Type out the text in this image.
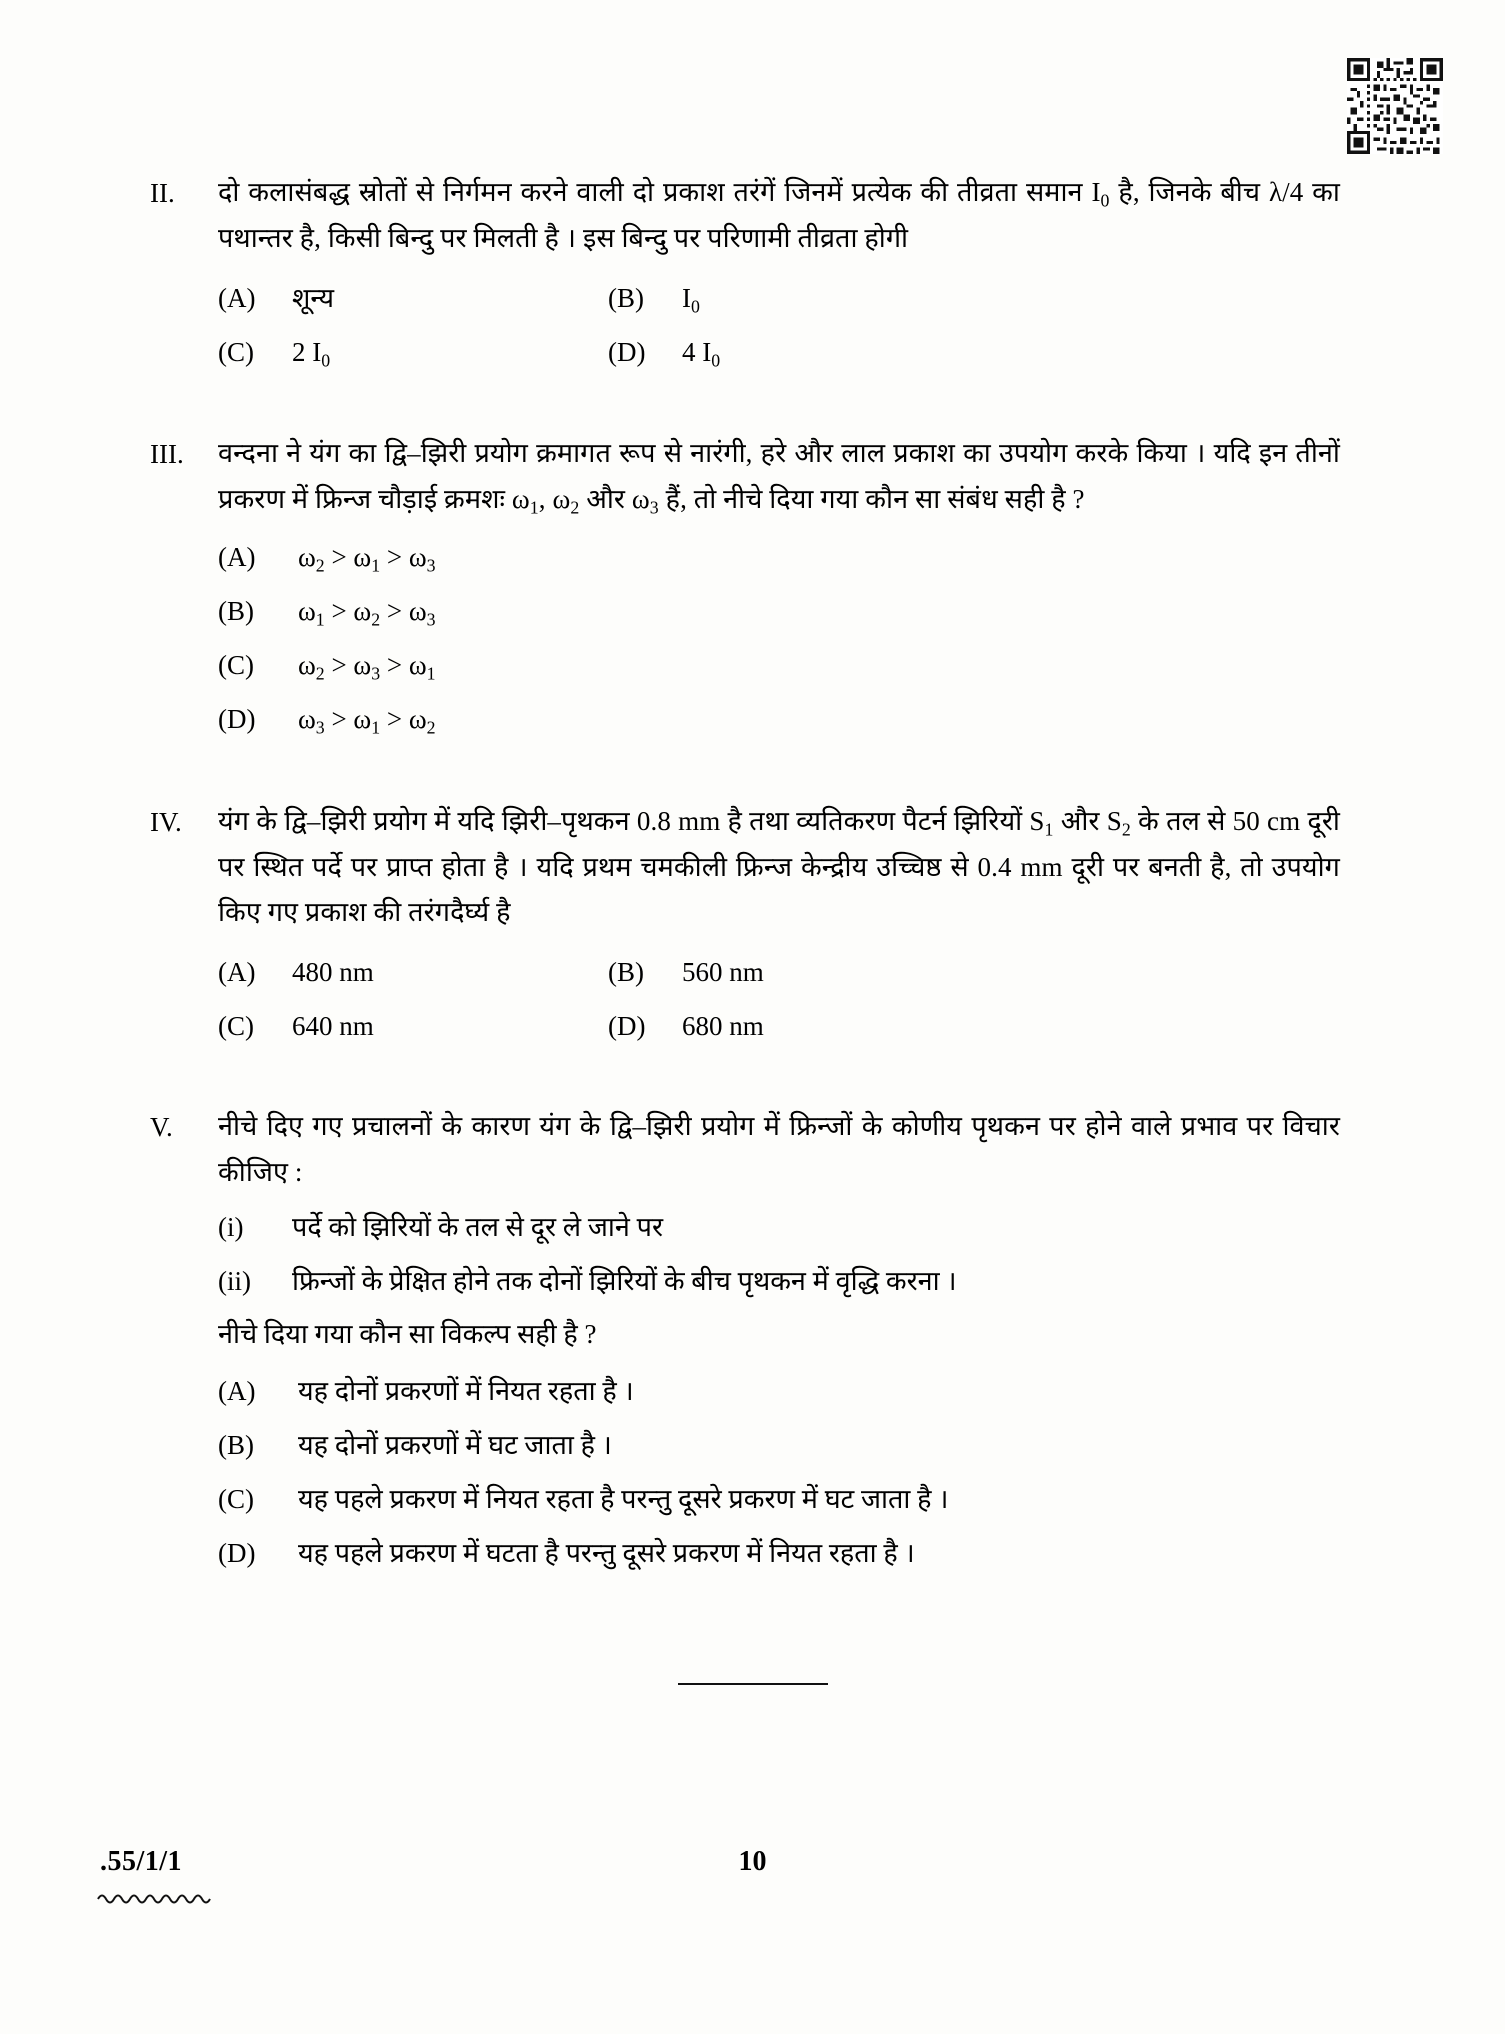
II.	दो कलासंबद्ध स्रोतों से निर्गमन करने वाली दो प्रकाश तरंगें जिनमें प्रत्येक की तीव्रता समान $I_0$ है, जिनके बीच λ/4 का पथान्तर है, किसी बिन्दु पर मिलती है । इस बिन्दु पर परिणामी तीव्रता होगी
(A)	शून्य	(B)	$I_0$
(C)	2 $I_0$	(D)	4 $I_0$
III.	वन्दना ने यंग का द्वि–झिरी प्रयोग क्रमागत रूप से नारंगी, हरे और लाल प्रकाश का उपयोग करके किया । यदि इन तीनों प्रकरण में फ्रिन्ज चौड़ाई क्रमशः $\omega_1$, $\omega_2$ और $\omega_3$ हैं, तो नीचे दिया गया कौन सा संबंध सही है ?
(A)	$\omega_2 > \omega_1 > \omega_3$
(B)	$\omega_1 > \omega_2 > \omega_3$
(C)	$\omega_2 > \omega_3 > \omega_1$
(D)	$\omega_3 > \omega_1 > \omega_2$
IV.	यंग के द्वि–झिरी प्रयोग में यदि झिरी–पृथकन 0.8 mm है तथा व्यतिकरण पैटर्न झिरियों $S_1$ और $S_2$ के तल से 50 cm दूरी पर स्थित पर्दे पर प्राप्त होता है । यदि प्रथम चमकीली फ्रिन्ज केन्द्रीय उच्चिष्ठ से 0.4 mm दूरी पर बनती है, तो उपयोग किए गए प्रकाश की तरंगदैर्घ्य है
(A)	480 nm	(B)	560 nm
(C)	640 nm	(D)	680 nm
V.	नीचे दिए गए प्रचालनों के कारण यंग के द्वि–झिरी प्रयोग में फ्रिन्जों के कोणीय पृथकन पर होने वाले प्रभाव पर विचार कीजिए :
(i)	पर्दे को झिरियों के तल से दूर ले जाने पर
(ii)	फ्रिन्जों के प्रेक्षित होने तक दोनों झिरियों के बीच पृथकन में वृद्धि करना ।
नीचे दिया गया कौन सा विकल्प सही है ?
(A)	यह दोनों प्रकरणों में नियत रहता है ।
(B)	यह दोनों प्रकरणों में घट जाता है ।
(C)	यह पहले प्रकरण में नियत रहता है परन्तु दूसरे प्रकरण में घट जाता है ।
(D)	यह पहले प्रकरण में घटता है परन्तु दूसरे प्रकरण में नियत रहता है ।
.55/1/1	10
